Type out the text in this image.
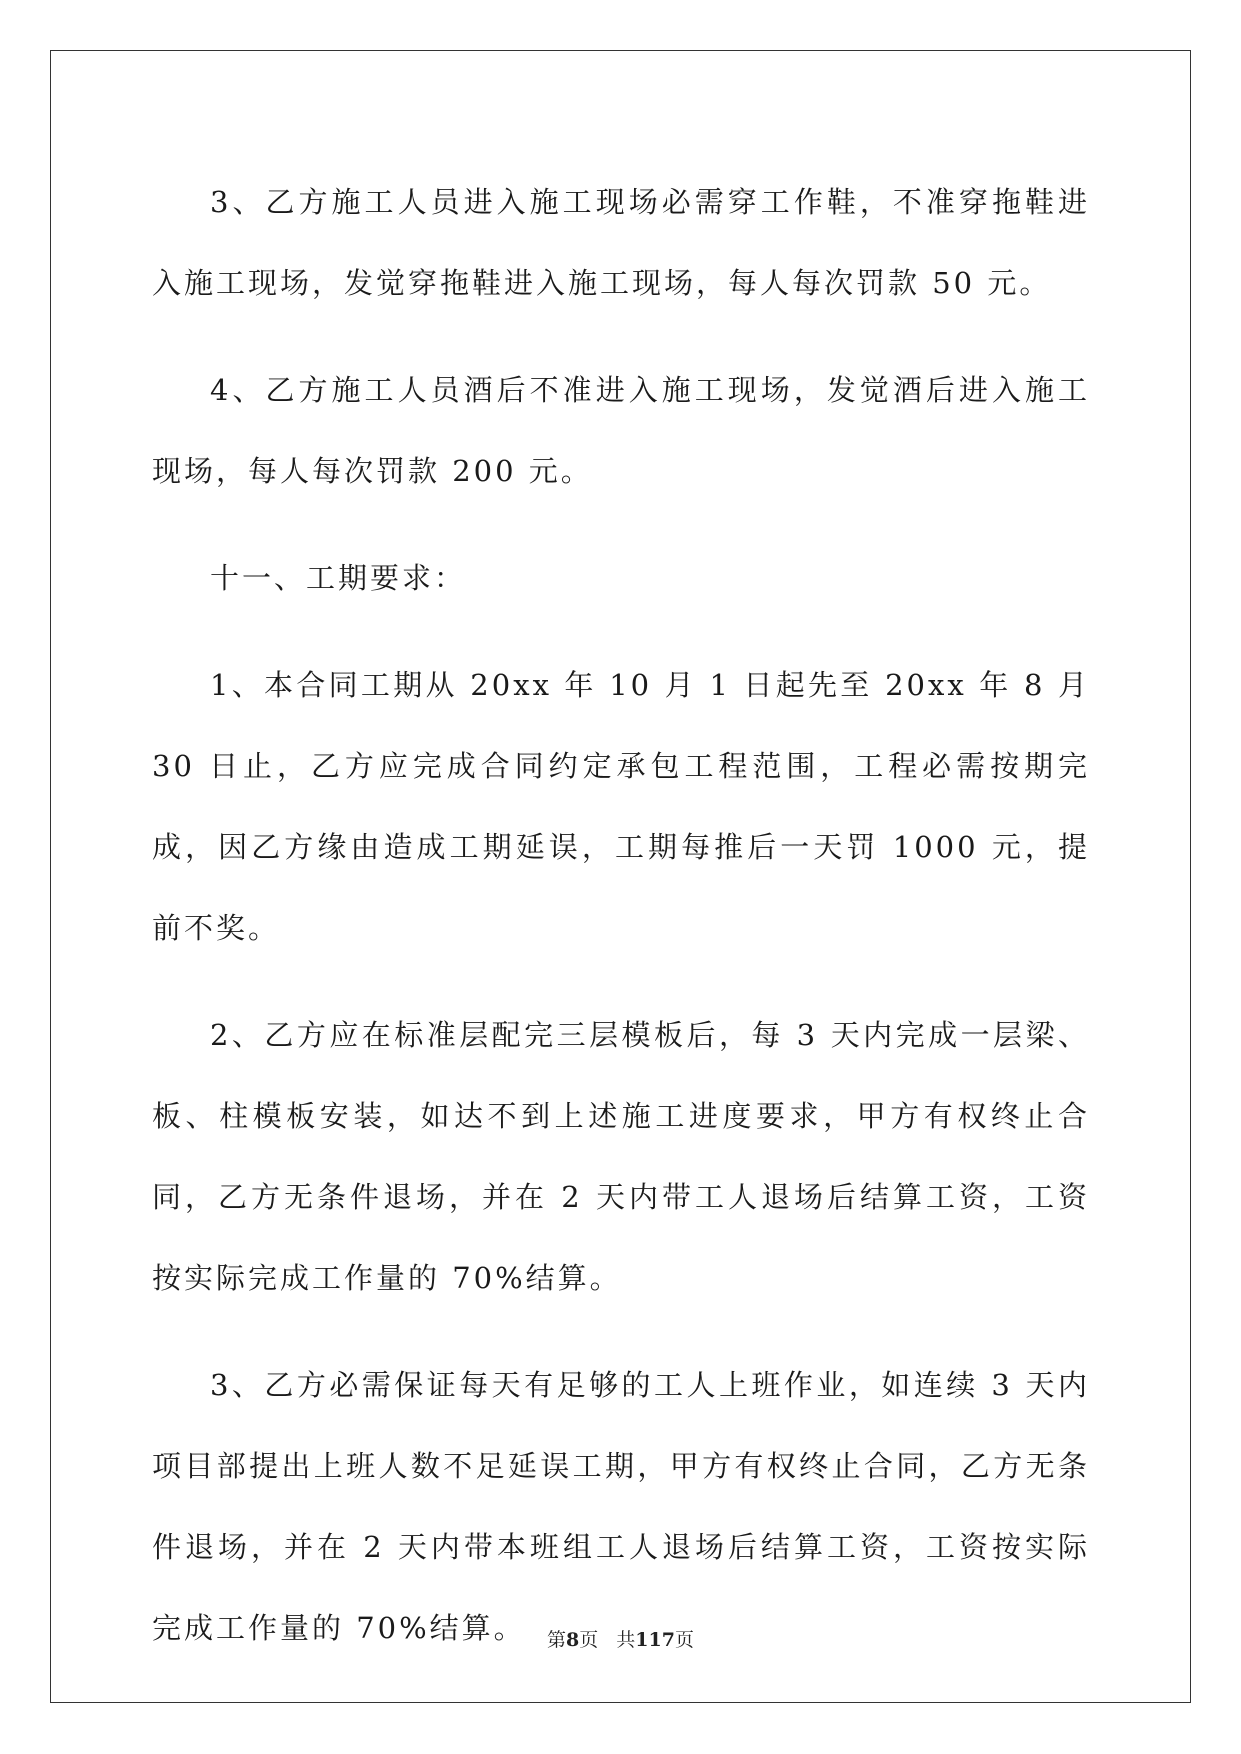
3、乙方施工人员进入施工现场必需穿工作鞋，不准穿拖鞋进入施工现场，发觉穿拖鞋进入施工现场，每人每次罚款 50 元。

4、乙方施工人员酒后不准进入施工现场，发觉酒后进入施工现场，每人每次罚款 200 元。

十一、工期要求：

1、本合同工期从 20xx 年 10 月 1 日起先至 20xx 年 8 月 30 日止，乙方应完成合同约定承包工程范围，工程必需按期完成，因乙方缘由造成工期延误，工期每推后一天罚 1000 元，提前不奖。

2、乙方应在标准层配完三层模板后，每 3 天内完成一层梁、板、柱模板安装，如达不到上述施工进度要求，甲方有权终止合同，乙方无条件退场，并在 2 天内带工人退场后结算工资，工资按实际完成工作量的 70%结算。

3、乙方必需保证每天有足够的工人上班作业，如连续 3 天内项目部提出上班人数不足延误工期，甲方有权终止合同，乙方无条件退场，并在 2 天内带本班组工人退场后结算工资，工资按实际完成工作量的 70%结算。	第8页 共117页
